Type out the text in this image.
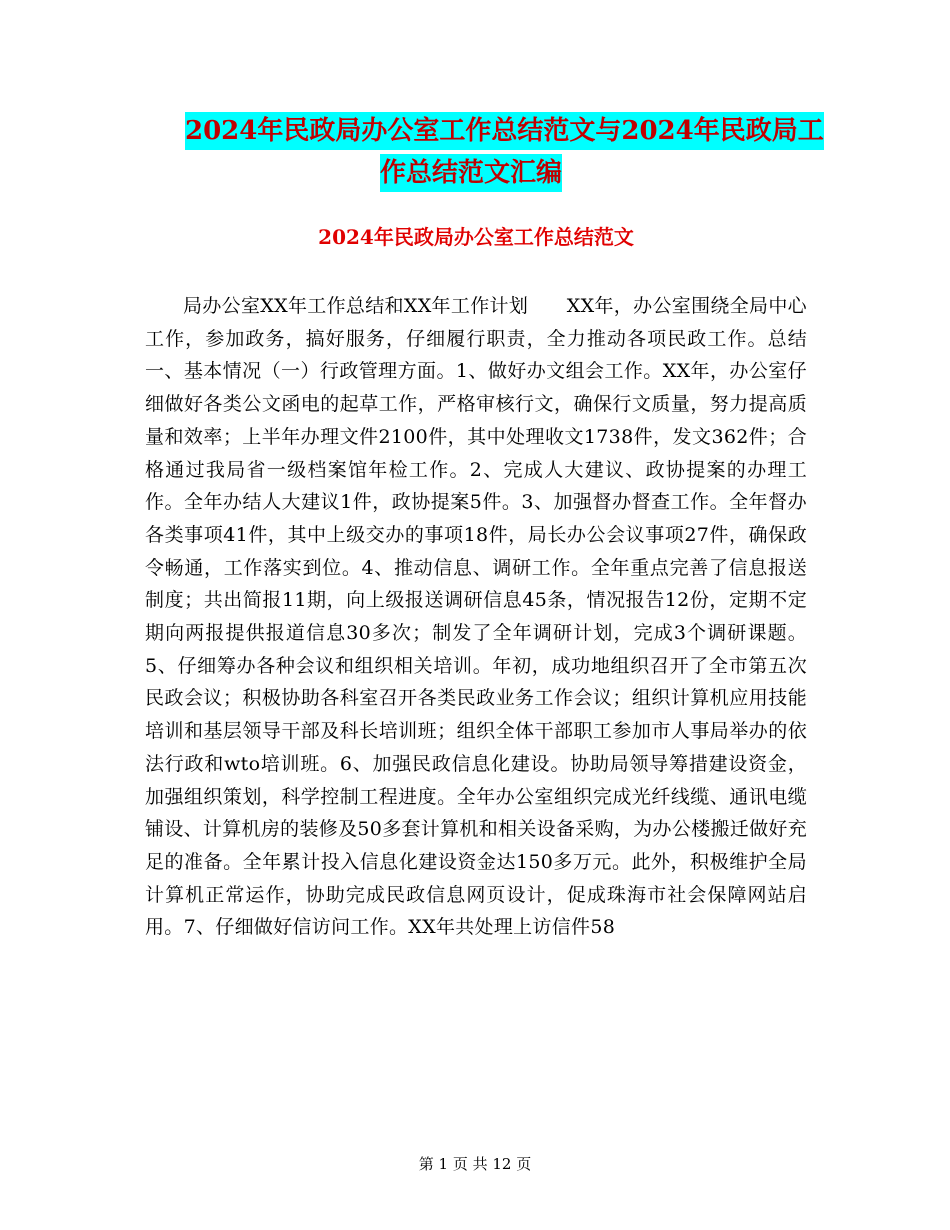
2024年民政局办公室工作总结范文与2024年民政局工
作总结范文汇编
2024年民政局办公室工作总结范文
局办公室XX年工作总结和XX年工作计划　　XX年，办公室围绕全局中心工作，参加政务，搞好服务，仔细履行职责，全力推动各项民政工作。总结　　一、基本情况（一）行政管理方面。1、做好办文组会工作。XX年，办公室仔细做好各类公文函电的起草工作，严格审核行文，确保行文质量，努力提高质量和效率；上半年办理文件2100件，其中处理收文1738件，发文362件；合格通过我局省一级档案馆年检工作。2、完成人大建议、政协提案的办理工作。全年办结人大建议1件，政协提案5件。3、加强督办督查工作。全年督办各类事项41件，其中上级交办的事项18件，局长办公会议事项27件，确保政令畅通，工作落实到位。4、推动信息、调研工作。全年重点完善了信息报送制度；共出简报11期，向上级报送调研信息45条，情况报告12份，定期不定期向两报提供报道信息30多次；制发了全年调研计划，完成3个调研课题。5、仔细筹办各种会议和组织相关培训。年初，成功地组织召开了全市第五次民政会议；积极协助各科室召开各类民政业务工作会议；组织计算机应用技能培训和基层领导干部及科长培训班；组织全体干部职工参加市人事局举办的依法行政和wto培训班。6、加强民政信息化建设。协助局领导筹措建设资金，加强组织策划，科学控制工程进度。全年办公室组织完成光纤线缆、通讯电缆铺设、计算机房的装修及50多套计算机和相关设备采购，为办公楼搬迁做好充足的准备。全年累计投入信息化建设资金达150多万元。此外，积极维护全局计算机正常运作，协助完成民政信息网页设计，促成珠海市社会保障网站启用。7、仔细做好信访问工作。XX年共处理上访信件58
第 1 页 共 12 页
